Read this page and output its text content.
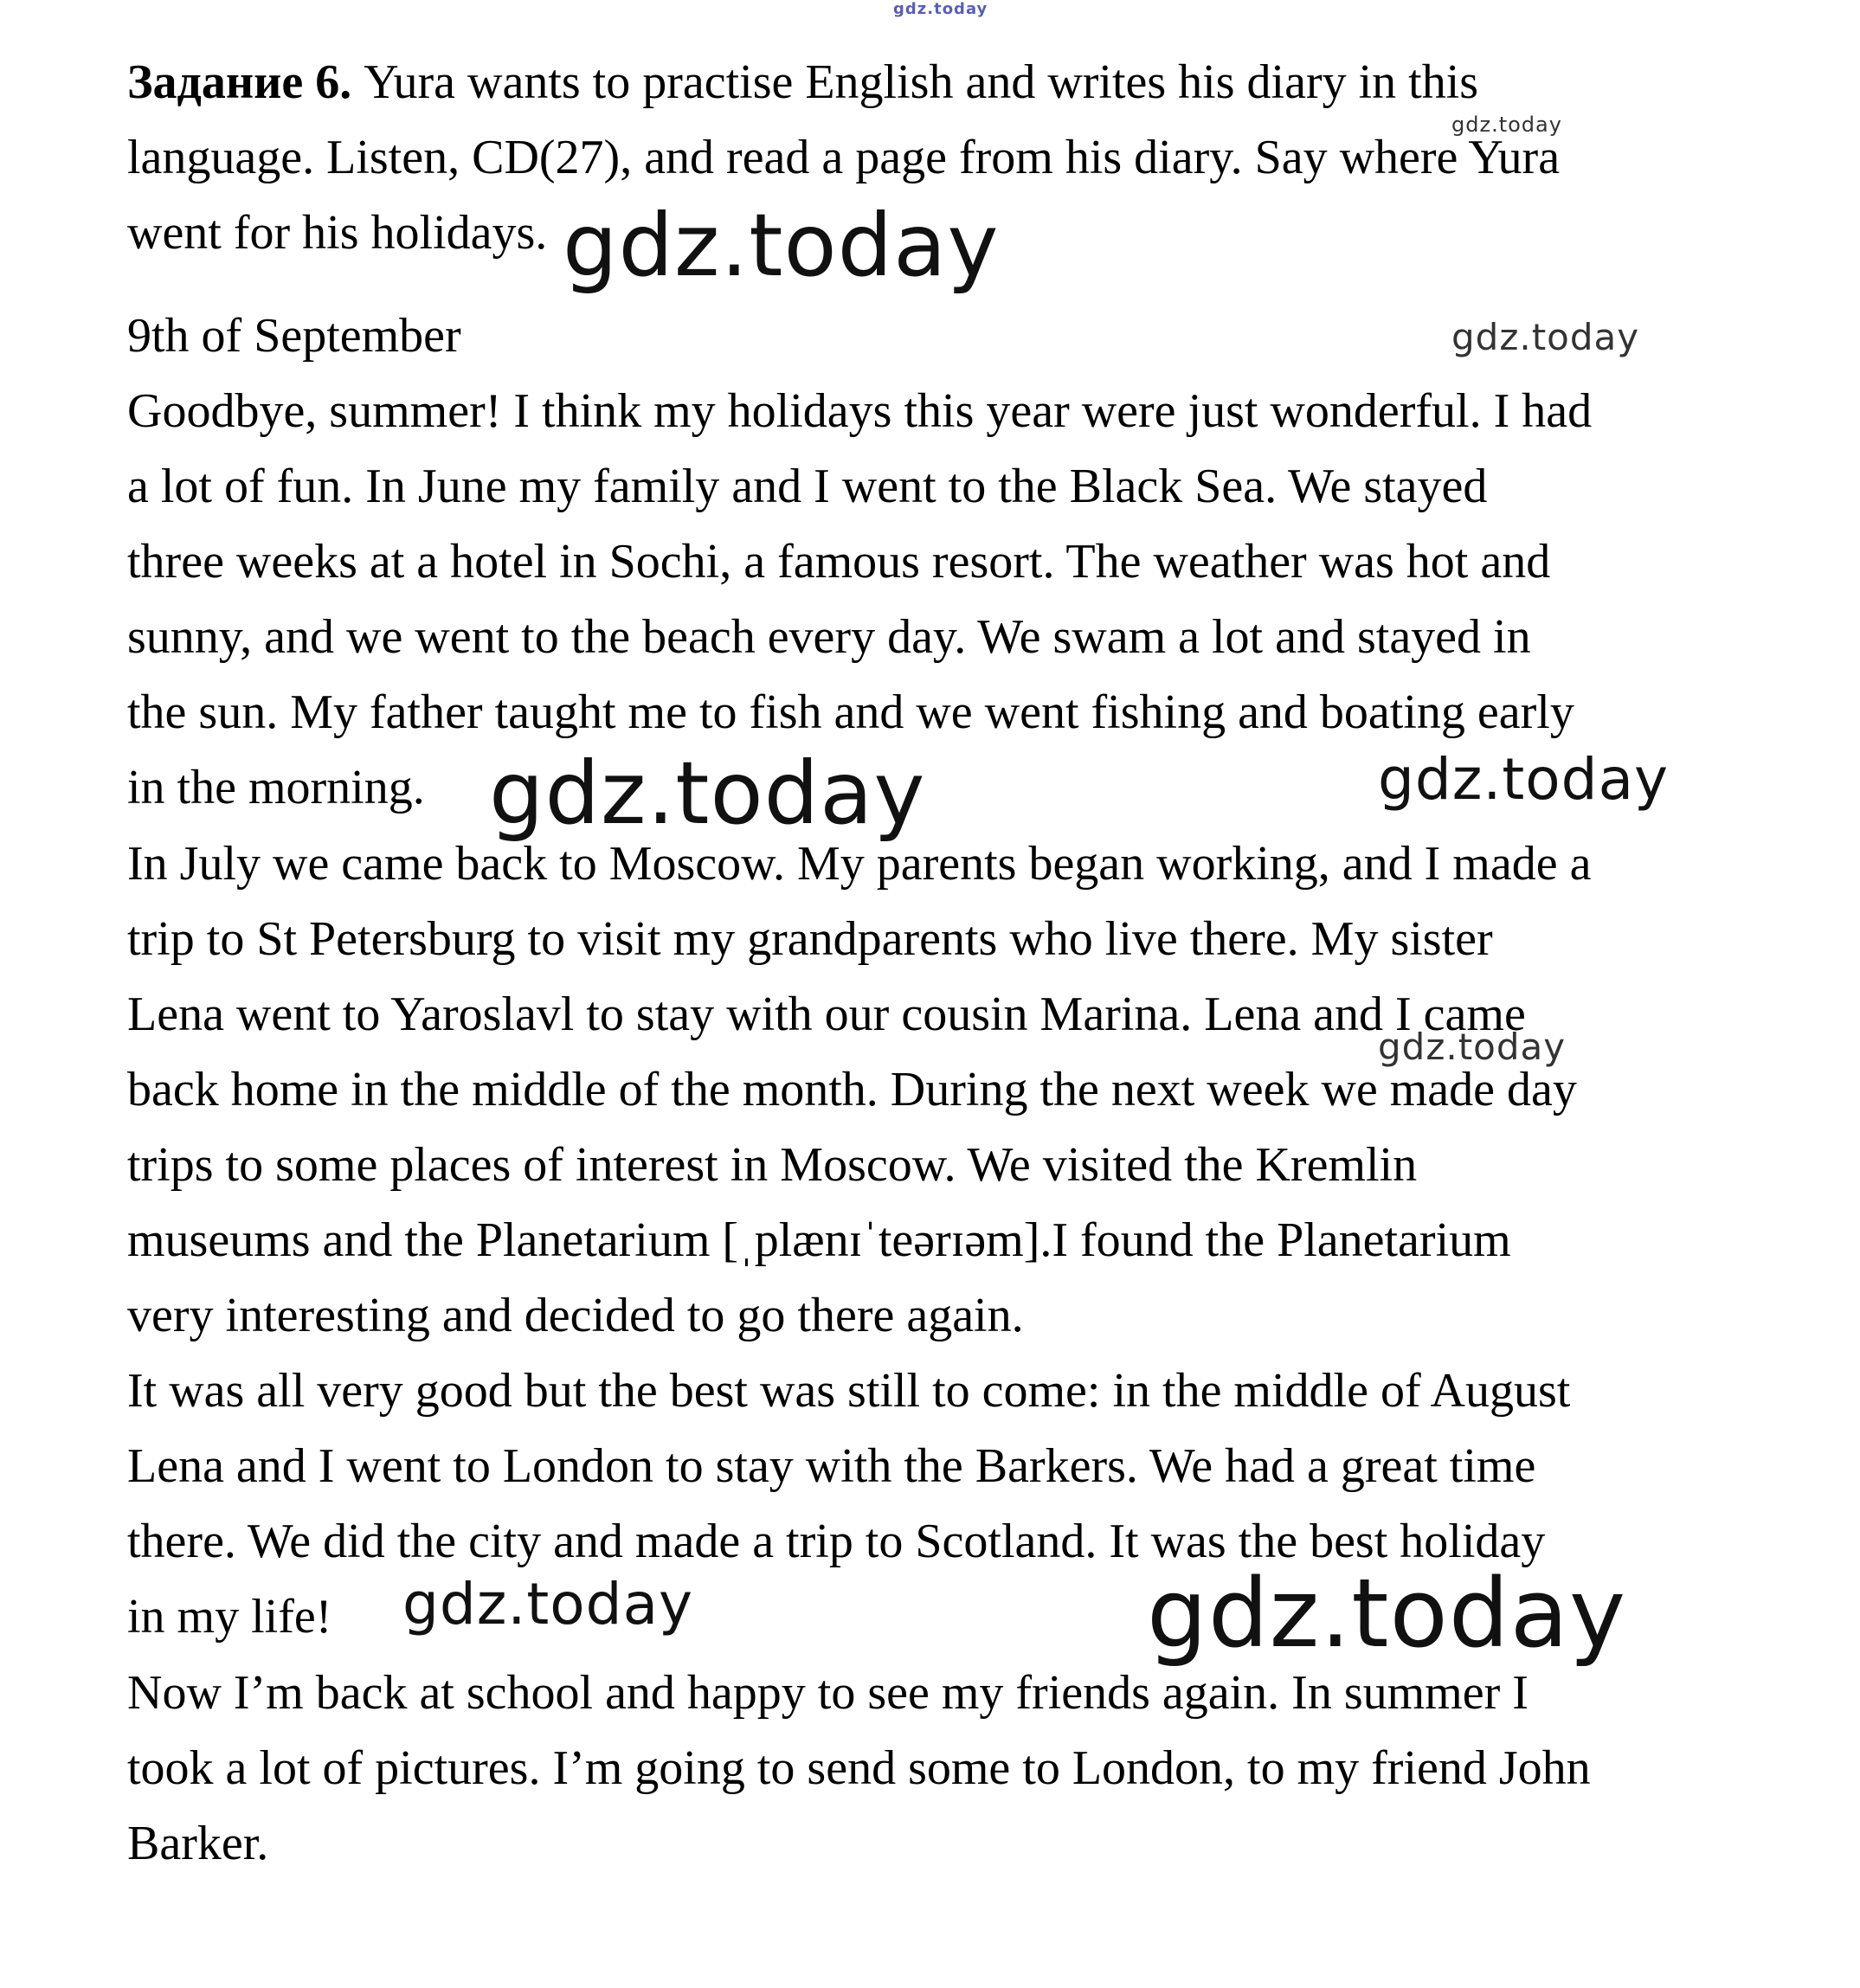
gdz.today

Задание 6. Yura wants to practise English and writes his diary in this

language. Listen, CD(27), and read a page from his diary. Say where Yura

went for his holidays.

gdz.today
gdz.today

9th of September	gdz.today

Goodbye, summer! I think my holidays this year were just wonderful. I had

a lot of fun. In June my family and I went to the Black Sea. We stayed

three weeks at a hotel in Sochi, a famous resort. The weather was hot and

sunny, and we went to the beach every day. We swam a lot and stayed in

the sun. My father taught me to fish and we went fishing and boating early

in the morning. gdz.today	gdz.today

In July we came back to Moscow. My parents began working, and I made a

trip to St Petersburg to visit my grandparents who live there. My sister

Lena went to Yaroslavl to stay with our cousin Marina. Lena and I came

gdz.today

back home in the middle of the month. During the next week we made day

trips to some places of interest in Moscow. We visited the Kremlin

museums and the Planetarium [ˌplænɪˈteərɪəm].I found the Planetarium

very interesting and decided to go there again.

It was all very good but the best was still to come: in the middle of August

Lena and I went to London to stay with the Barkers. We had a great time

there. We did the city and made a trip to Scotland. It was the best holiday

in my life! gdz.today	gdz.today

Now I’m back at school and happy to see my friends again. In summer I

took a lot of pictures. I’m going to send some to London, to my friend John

Barker.
